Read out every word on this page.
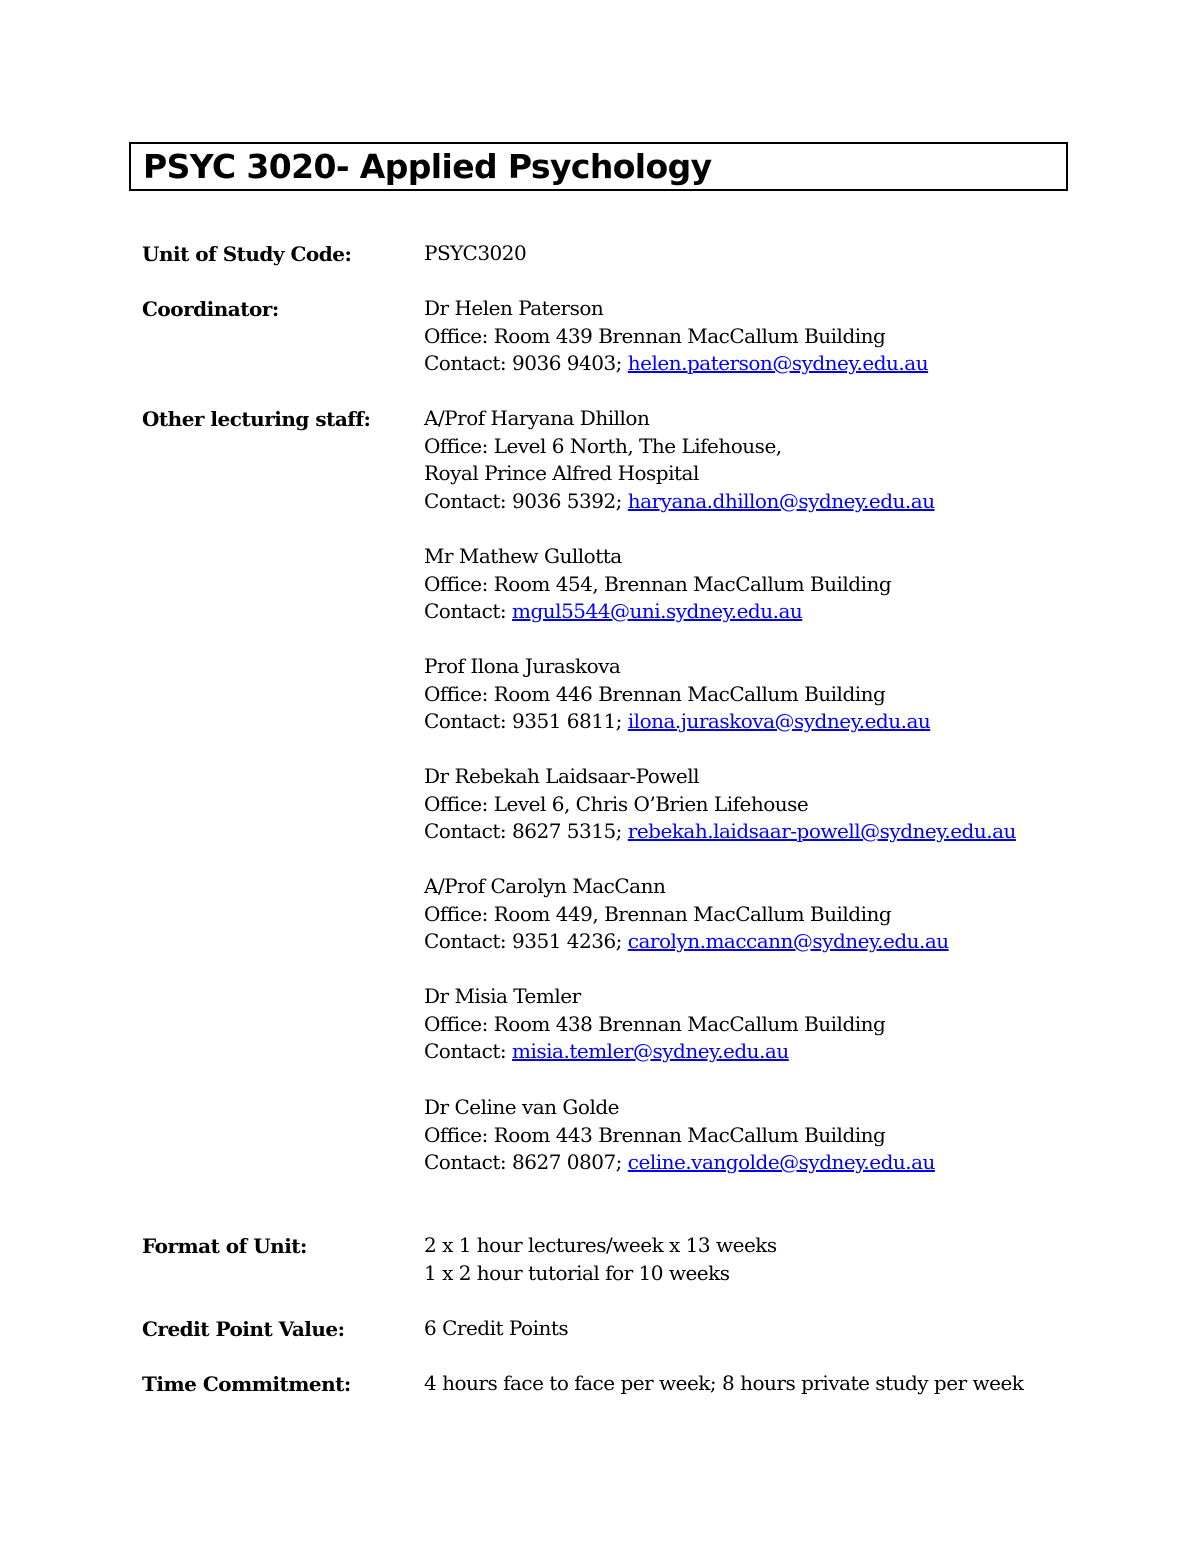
PSYC 3020- Applied Psychology
Unit of Study Code:	PSYC3020
Coordinator:	Dr Helen Paterson
Office: Room 439 Brennan MacCallum Building
Contact: 9036 9403; helen.paterson@sydney.edu.au
Other lecturing staff:	A/Prof Haryana Dhillon
Office: Level 6 North, The Lifehouse,
Royal Prince Alfred Hospital
Contact: 9036 5392; haryana.dhillon@sydney.edu.au
Mr Mathew Gullotta
Office: Room 454, Brennan MacCallum Building
Contact: mgul5544@uni.sydney.edu.au
Prof Ilona Juraskova
Office: Room 446 Brennan MacCallum Building
Contact: 9351 6811; ilona.juraskova@sydney.edu.au
Dr Rebekah Laidsaar-Powell
Office: Level 6, Chris O’Brien Lifehouse
Contact: 8627 5315; rebekah.laidsaar-powell@sydney.edu.au
A/Prof Carolyn MacCann
Office: Room 449, Brennan MacCallum Building
Contact: 9351 4236; carolyn.maccann@sydney.edu.au
Dr Misia Temler
Office: Room 438 Brennan MacCallum Building
Contact: misia.temler@sydney.edu.au
Dr Celine van Golde
Office: Room 443 Brennan MacCallum Building
Contact: 8627 0807; celine.vangolde@sydney.edu.au
Format of Unit:	2 x 1 hour lectures/week x 13 weeks
1 x 2 hour tutorial for 10 weeks
Credit Point Value:	6 Credit Points
Time Commitment:	4 hours face to face per week; 8 hours private study per week
